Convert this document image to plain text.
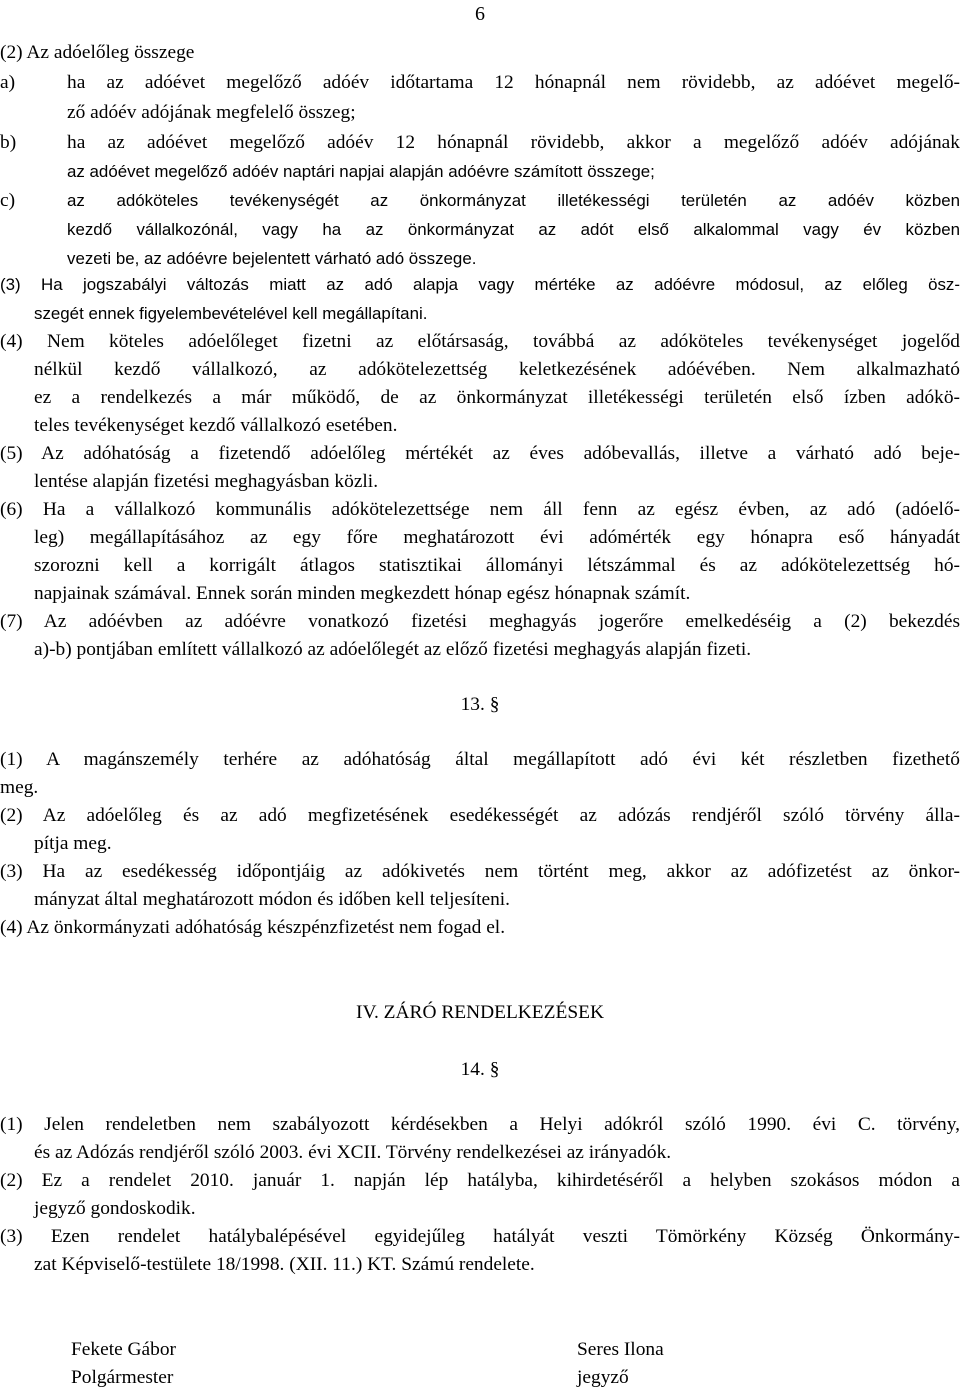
6
(2) Az adóelőleg összege
a)	ha az adóévet megelőző adóév időtartama 12 hónapnál nem rövidebb, az adóévet megelő-
ző adóév adójának megfelelő összeg;
b)	ha az adóévet megelőző adóév 12 hónapnál rövidebb, akkor a megelőző adóév adójának
az adóévet megelőző adóév naptári napjai alapján adóévre számított összege;
c)	az adóköteles tevékenységét az önkormányzat illetékességi területén az adóév közben
kezdő vállalkozónál, vagy ha az önkormányzat az adót első alkalommal vagy év közben
vezeti be, az adóévre bejelentett várható adó összege.
(3) Ha jogszabályi változás miatt az adó alapja vagy mértéke az adóévre módosul, az előleg ösz-
szegét ennek figyelembevételével kell megállapítani.
(4) Nem köteles adóelőleget fizetni az előtársaság, továbbá az adóköteles tevékenységet jogelőd
nélkül kezdő vállalkozó, az adókötelezettség keletkezésének adóévében. Nem alkalmazható
ez a rendelkezés a már működő, de az önkormányzat illetékességi területén első ízben adókö-
teles tevékenységet kezdő vállalkozó esetében.
(5) Az adóhatóság a fizetendő adóelőleg mértékét az éves adóbevallás, illetve a várható adó beje-
lentése alapján fizetési meghagyásban közli.
(6) Ha a vállalkozó kommunális adókötelezettsége nem áll fenn az egész évben, az adó (adóelő-
leg) megállapításához az egy főre meghatározott évi adómérték egy hónapra eső hányadát
szorozni kell a korrigált átlagos statisztikai állományi létszámmal és az adókötelezettség hó-
napjainak számával. Ennek során minden megkezdett hónap egész hónapnak számít.
(7) Az adóévben az adóévre vonatkozó fizetési meghagyás jogerőre emelkedéséig a (2) bekezdés
a)-b) pontjában említett vállalkozó az adóelőlegét az előző fizetési meghagyás alapján fizeti.
13. §
(1) A magánszemély terhére az adóhatóság által megállapított adó évi két részletben fizethető
meg.
(2) Az adóelőleg és az adó megfizetésének esedékességét az adózás rendjéről szóló törvény álla-
pítja meg.
(3) Ha az esedékesség időpontjáig az adókivetés nem történt meg, akkor az adófizetést az önkor-
mányzat által meghatározott módon és időben kell teljesíteni.
(4) Az önkormányzati adóhatóság készpénzfizetést nem fogad el.
IV. ZÁRÓ RENDELKEZÉSEK
14. §
(1) Jelen rendeletben nem szabályozott kérdésekben a Helyi adókról szóló 1990. évi C. törvény,
és az Adózás rendjéről szóló 2003. évi XCII. Törvény rendelkezései az irányadók.
(2) Ez a rendelet 2010. január 1. napján lép hatályba, kihirdetéséről a helyben szokásos módon a
jegyző gondoskodik.
(3) Ezen rendelet hatálybalépésével egyidejűleg hatályát veszti Tömörkény Község Önkormány-
zat Képviselő-testülete 18/1998. (XII. 11.) KT. Számú rendelete.
Fekete Gábor
Polgármester
Seres Ilona
jegyző
